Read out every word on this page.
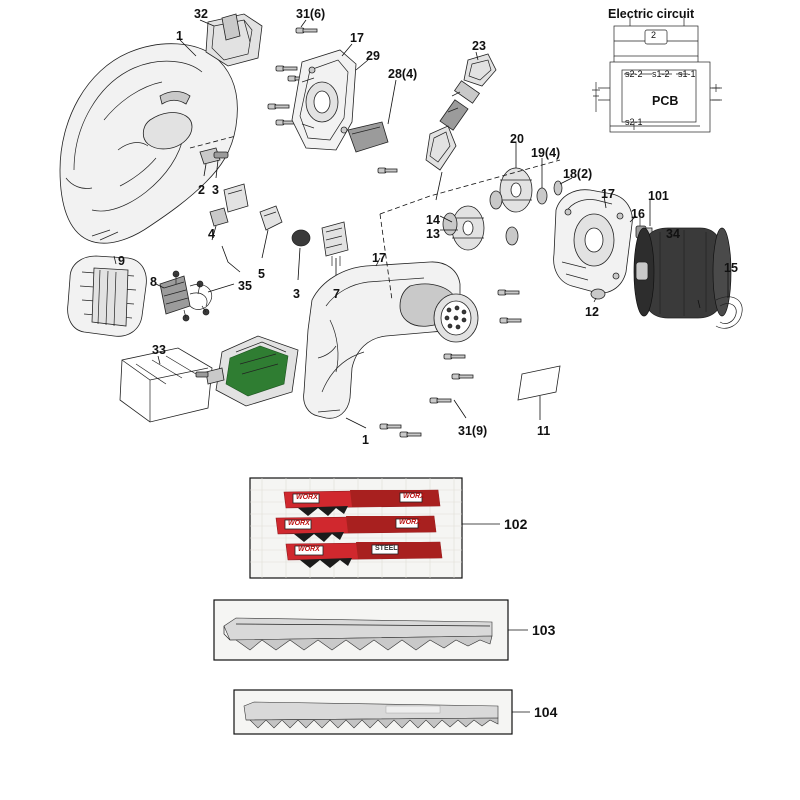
Electric circuit
2
s2-2 s1-2 s1-1
s2-1
PCB
32	31(6)
17
29
23
28(4)
1
20
19(4)
18(2)
17	101
16
34
15
14
13
12
9
8	35
33
3
2
4
5
3	7
17
1
31(9)	11
102
103
104
WORX	WORX
WORX	WORX
WORX	STEEL
